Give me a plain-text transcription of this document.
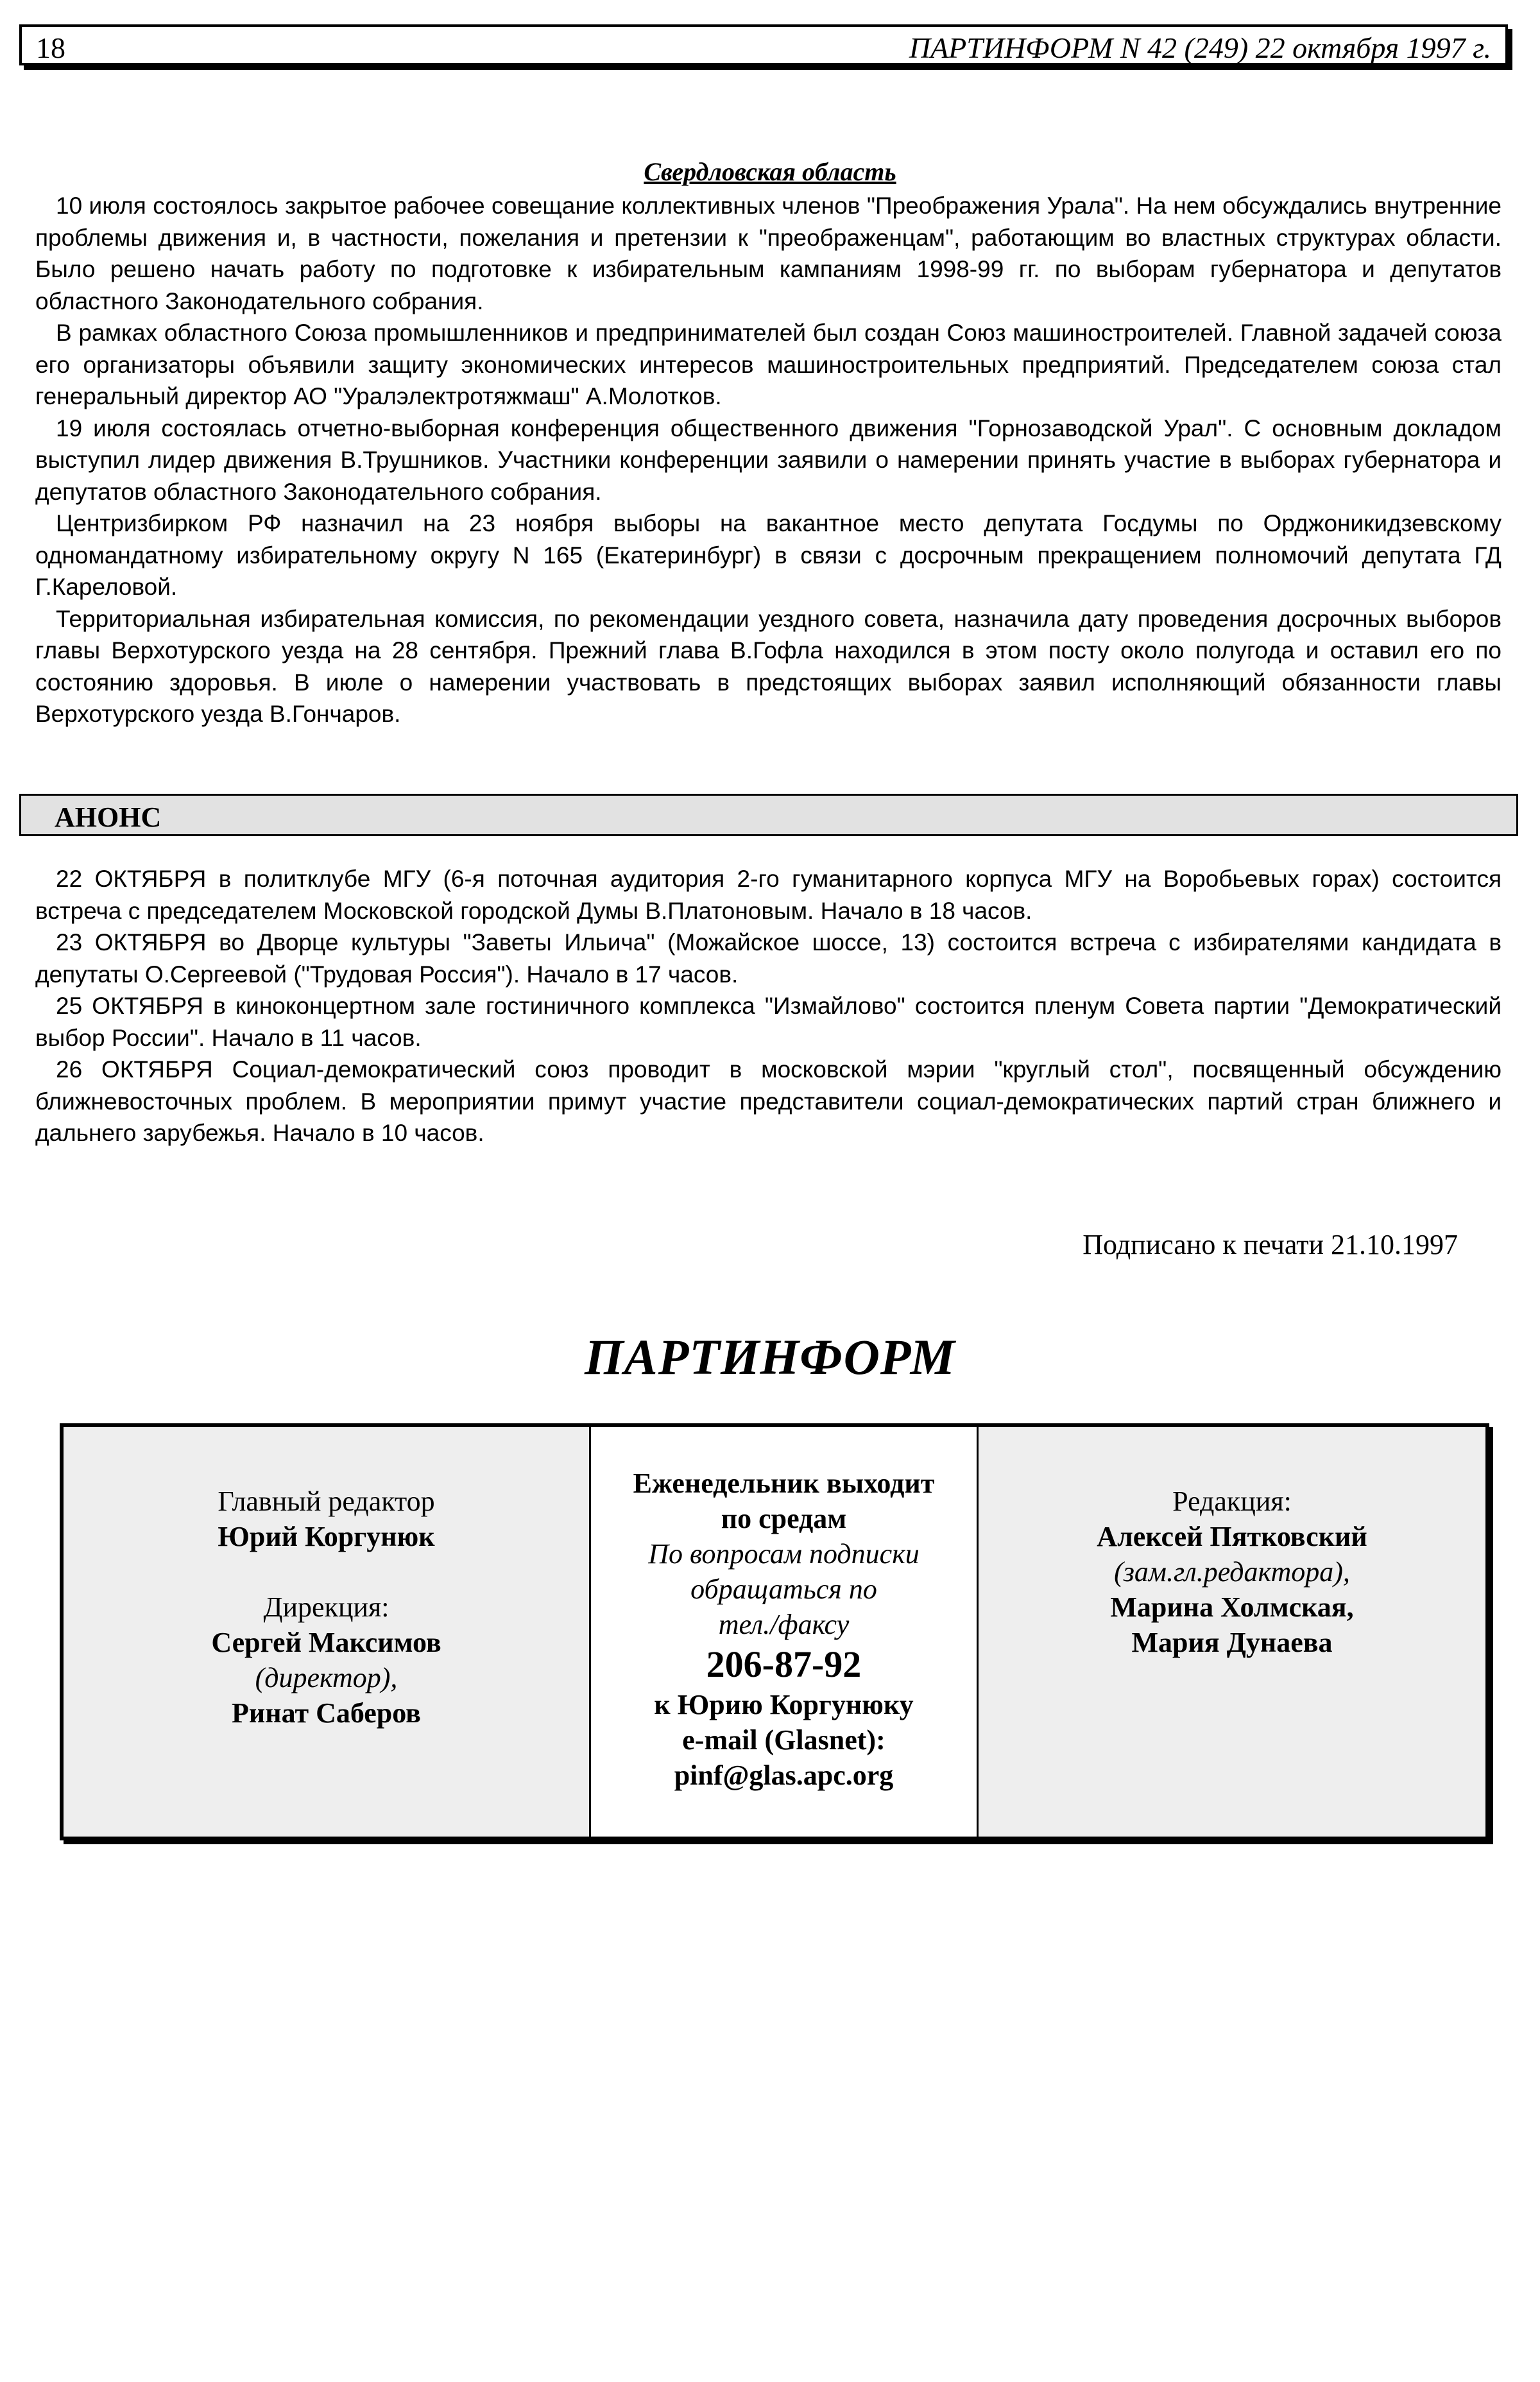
18	ПАРТИНФОРМ N 42 (249) 22 октября 1997 г.
Свердловская область

10 июля состоялось закрытое рабочее совещание коллективных членов "Преображения Урала". На нем обсуждались внутренние проблемы движения и, в частности, пожелания и претензии к "преображенцам", работающим во властных структурах области. Было решено начать работу по подготовке к избирательным кампаниям 1998-99 гг. по выборам губернатора и депутатов областного Законодательного собрания.

В рамках областного Союза промышленников и предпринимателей был создан Союз машиностроителей. Главной задачей союза его организаторы объявили защиту экономических интересов машиностроительных предприятий. Председателем союза стал генеральный директор АО "Уралэлектротяжмаш" А.Молотков.

19 июля состоялась отчетно-выборная конференция общественного движения "Горнозаводской Урал". С основным докладом выступил лидер движения В.Трушников. Участники конференции заявили о намерении принять участие в выборах губернатора и депутатов областного Законодательного собрания.

Центризбирком РФ назначил на 23 ноября выборы на вакантное место депутата Госдумы по Орджоникидзевскому одномандатному избирательному округу N 165 (Екатеринбург) в связи с досрочным прекращением полномочий депутата ГД Г.Кареловой.

Территориальная избирательная комиссия, по рекомендации уездного совета, назначила дату проведения досрочных выборов главы Верхотурского уезда на 28 сентября. Прежний глава В.Гофла находился в этом посту около полугода и оставил его по состоянию здоровья. В июле о намерении участвовать в предстоящих выборах заявил исполняющий обязанности главы Верхотурского уезда В.Гончаров.

АНОНС

22 ОКТЯБРЯ в политклубе МГУ (6-я поточная аудитория 2-го гуманитарного корпуса МГУ на Воробьевых горах) состоится встреча с председателем Московской городской Думы В.Платоновым. Начало в 18 часов.

23 ОКТЯБРЯ во Дворце культуры "Заветы Ильича" (Можайское шоссе, 13) состоится встреча с избирателями кандидата в депутаты О.Сергеевой ("Трудовая Россия"). Начало в 17 часов.

25 ОКТЯБРЯ в киноконцертном зале гостиничного комплекса "Измайлово" состоится пленум Совета партии "Демократический выбор России". Начало в 11 часов.

26 ОКТЯБРЯ Социал-демократический союз проводит в московской мэрии "круглый стол", посвященный обсуждению ближневосточных проблем. В мероприятии примут участие представители социал-демократических партий стран ближнего и дальнего зарубежья. Начало в 10 часов.

Подписано к печати 21.10.1997
ПАРТИНФОРМ
Главный редактор
Юрий Коргунюк
Дирекция:
Сергей Максимов
(директор),
Ринат Саберов
Еженедельник выходит
по средам
По вопросам подписки
обращаться по
тел./факсу
206-87-92
к Юрию Коргунюку
e-mail (Glasnet):
pinf@glas.apc.org
Редакция:
Алексей Пятковский
(зам.гл.редактора),
Марина Холмская,
Мария Дунаева
